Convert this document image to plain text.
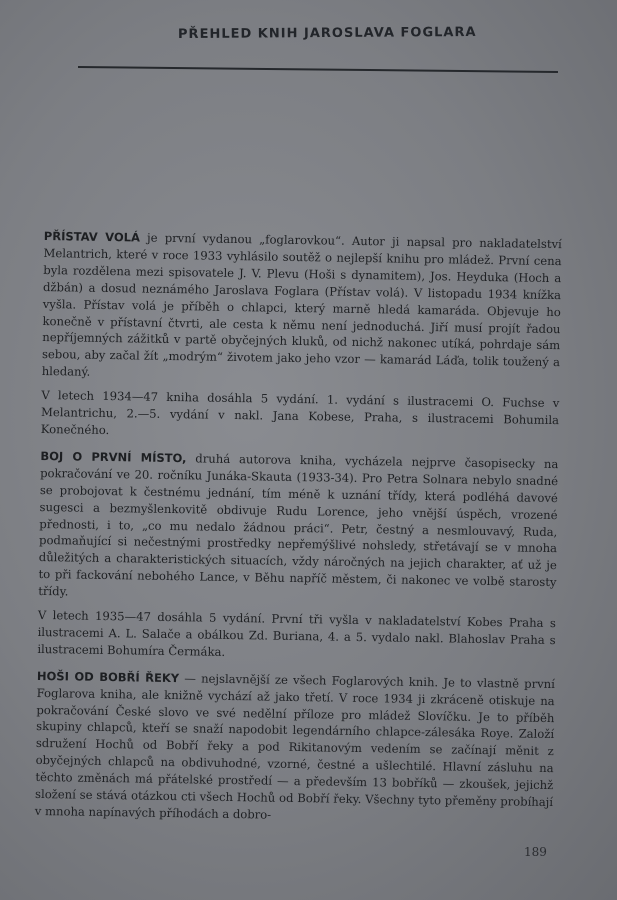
PŘEHLED KNIH JAROSLAVA FOGLARA

PŘÍSTAV VOLÁ je první vydanou „foglarovkou“. Autor ji napsal pro nakladatelství Melantrich, které v roce 1933 vyhlásilo soutěž o nejlepší knihu pro mládež. První cena byla rozdělena mezi spisovatele J. V. Plevu (Hoši s dynamitem), Jos. Heyduka (Hoch a džbán) a dosud neznámého Jaroslava Foglara (Přístav volá). V listopadu 1934 knížka vyšla. Přístav volá je příběh o chlapci, který marně hledá kamaráda. Objevuje ho konečně v přístavní čtvrti, ale cesta k němu není jednoduchá. Jiří musí projít řadou nepříjemných zážitků v partě obyčejných kluků, od nichž nakonec utíká, pohrdaje sám sebou, aby začal žít „modrým“ životem jako jeho vzor — kamarád Láďa, tolik toužený a hledaný.

V letech 1934—47 kniha dosáhla 5 vydání. 1. vydání s ilustracemi O. Fuchse v Melantrichu, 2.—5. vydání v nakl. Jana Kobese, Praha, s ilustracemi Bohumila Konečného.

BOJ O PRVNÍ MÍSTO, druhá autorova kniha, vycházela nejprve časopisecky na pokračování ve 20. ročníku Junáka-Skauta (1933-34). Pro Petra Solnara nebylo snadné se probojovat k čestnému jednání, tím méně k uznání třídy, která podléhá davové sugesci a bezmyšlenkovitě obdivuje Rudu Lorence, jeho vnější úspěch, vrozené přednosti, i to, „co mu nedalo žádnou práci“. Petr, čestný a nesmlouvavý, Ruda, podmaňující si nečestnými prostředky nepřemýšlivé nohsledy, střetávají se v mnoha důležitých a charakteristických situacích, vždy náročných na jejich charakter, ať už je to při fackování nebohého Lance, v Běhu napříč městem, či nakonec ve volbě starosty třídy.

V letech 1935—47 dosáhla 5 vydání. První tři vyšla v nakladatelství Kobes Praha s ilustracemi A. L. Salače a obálkou Zd. Buriana, 4. a 5. vydalo nakl. Blahoslav Praha s ilustracemi Bohumíra Čermáka.

HOŠI OD BOBŘÍ ŘEKY — nejslavnější ze všech Foglarových knih. Je to vlastně první Foglarova kniha, ale knižně vychází až jako třetí. V roce 1934 ji zkráceně otiskuje na pokračování České slovo ve své nedělní příloze pro mládež Slovíčku. Je to příběh skupiny chlapců, kteří se snaží napodobit legendárního chlapce-zálesáka Roye. Založí sdružení Hochů od Bobří řeky a pod Rikitanovým vedením se začínají měnit z obyčejných chlapců na obdivuhodné, vzorné, čestné a ušlechtilé. Hlavní zásluhu na těchto změnách má přátelské prostředí — a především 13 bobříků — zkoušek, jejichž složení se stává otázkou cti všech Hochů od Bobří řeky. Všechny tyto přeměny probíhají v mnoha napínavých příhodách a dobro-

189
